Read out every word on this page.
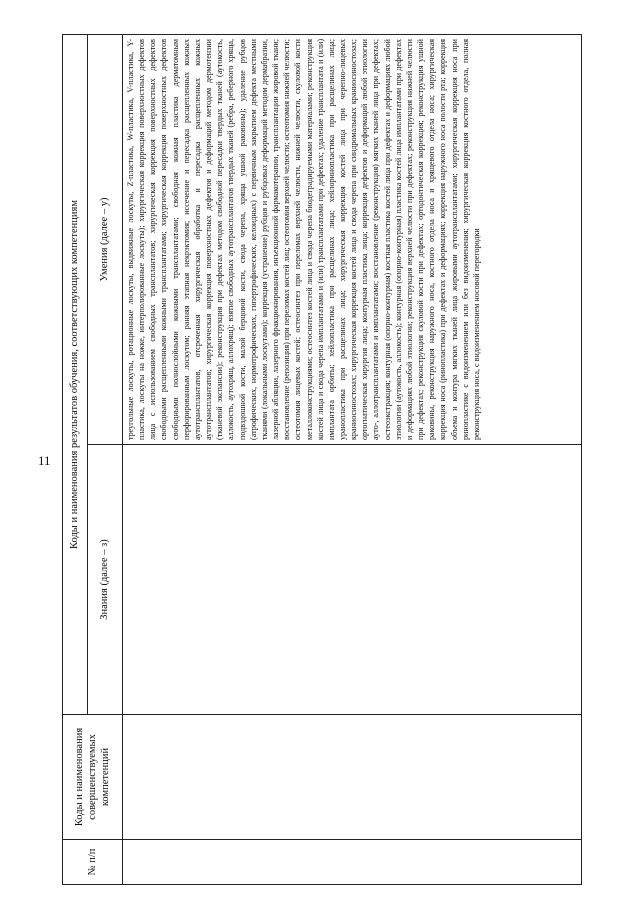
11
№ п/п	Коды и наименования совершенствуемых компетенций	Коды и наименования результатов обучения, соответствующих компетенциям	
		Знания (далее – з)	Умения (далее – у)
			треугольные лоскуты, ротационные лоскуты, выдвижные лоскуты, Z-пластика, W-пластика, V-пластика, Y-пластика, лоскуты на ножке, интерполированные лоскуты); хирургическая коррекция поверхностных дефектов лица с использованием свободных трансплантатов; хирургическая коррекция поверхностных дефектов свободными расщепленными кожными трансплантатами; хирургическая коррекция поверхностных дефектов свободными полнослойными кожными трансплантатами; свободная кожная пластика дерматомным перфорированным лоскутом; ранняя этапная некрэктомия; иссечение и пересадка расщепленных кожных аутотрансплантатов, отсроченная хирургическая обработка и пересадка расщепленных кожных аутотрансплантатов; хирургическая коррекция поверхностных дефектов и деформаций методом дермотензии (тканевой экспансии); реконструкция при дефектах методом свободной пересадки твердых тканей (аутокость, аллокость, аутохрящ, аллохрящ); взятие свободных аутотрансплантатов твердых тканей (ребра, реберного хряща, подвздошной кости, малой берцовой кости, свода черепа, хряща ушной раковины); удаление рубцов (атрофических, нормотрофических, гипертрофических, келоидных) с первичным закрытием дефекта местными тканями (локальными лоскутами); коррекция (устранение) рубцов и рубцовых деформаций методом дермабразии, лазерной абляции, лазерного фракционирования, инъекционной фармакотерапии, трансплантации жировой ткани; восстановление (репозиция) при переломах костей лиц; остеотомия верхней челюсти; остеотомия нижней челюсти; остеотомия лицевых костей; остеосинтез при переломах верхней челюсти, нижней челюсти, скуловой кости металлоконструкциями; остеосинтез костей лица и свода черепа биодеградируемыми материалами; реконструкция костей лица и свода черепа имплантатами и (или) трансплантатами при дефектах; удаление трансплантата и (или) имплантата орбиты; хейлопластика при расщелинах лица; хейлоринопластика при расщелинах лица; уранопластика при расщелинах лица; хирургическая коррекция костей лица при черепно-лицевых краниосиностозах; хирургическая коррекция костей лица и свода черепа при синдромальных краниосиностозах; ортогнатическая хирургия лица; контурная пластика лица; коррекция дефектов и деформаций любой этиологии ауто-, аллотрансплантатами и имплантатами; восстановление (реконструкция) мягких тканей лица при дефектах; остеоэкстракция; контурная (опорно-контурная) костная пластика костей лица при дефектах и деформациях любой этиологии (аутокость, аллокость); контурная (опорно-контурная) пластика костей лица имплантатами при дефектах и деформациях любой этиологии; реконструкция верхней челюсти при дефектах; реконструкция нижней челюсти при дефектах; реконструкция скуловой кости при дефектах; ортодонтическая коррекция; реконструкция ушной раковины, реконструкция наружного носа, костного отдела носа и хрящевого отдела носа; хирургическая коррекция носа (ринопластика) при дефектах и деформациях; коррекция наружного носа полости рта; коррекция объема и контура мягких тканей лица жировыми аутотрансплантатами; хирургическая коррекция носа при ринопластике с видоизменением или без видоизменения; хирургическая коррекция костного отдела, полная реконструкция носа, с видоизменением носовой перегородки
